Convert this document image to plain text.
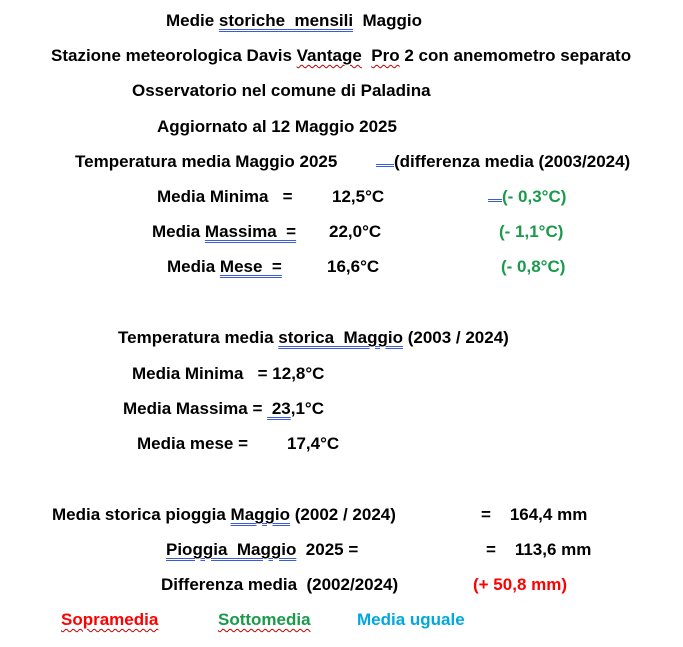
Medie storiche  mensili  Maggio
Stazione meteorologica Davis Vantage Pro 2 con anemometro separato
Osservatorio nel comune di Paladina
Aggiornato al 12 Maggio 2025
Temperatura media Maggio 2025	(differenza media (2003/2024)
Media Minima   = 12,5°C	(- 0,3°C)
Media Massima  = 22,0°C	(- 1,1°C)
Media Mese  =	16,6°C	(- 0,8°C)
Temperatura media storica  Maggio (2003 / 2024)
Media Minima   = 12,8°C
Media Massima =  23,1°C
Media mese = 17,4°C
Media storica pioggia Maggio (2002 / 2024)	=    164,4 mm
Pioggia  Maggio  2025 =	=    113,6 mm
Differenza media  (2002/2024)	(+ 50,8 mm)
Sopramedia	Sottomedia	Media uguale
